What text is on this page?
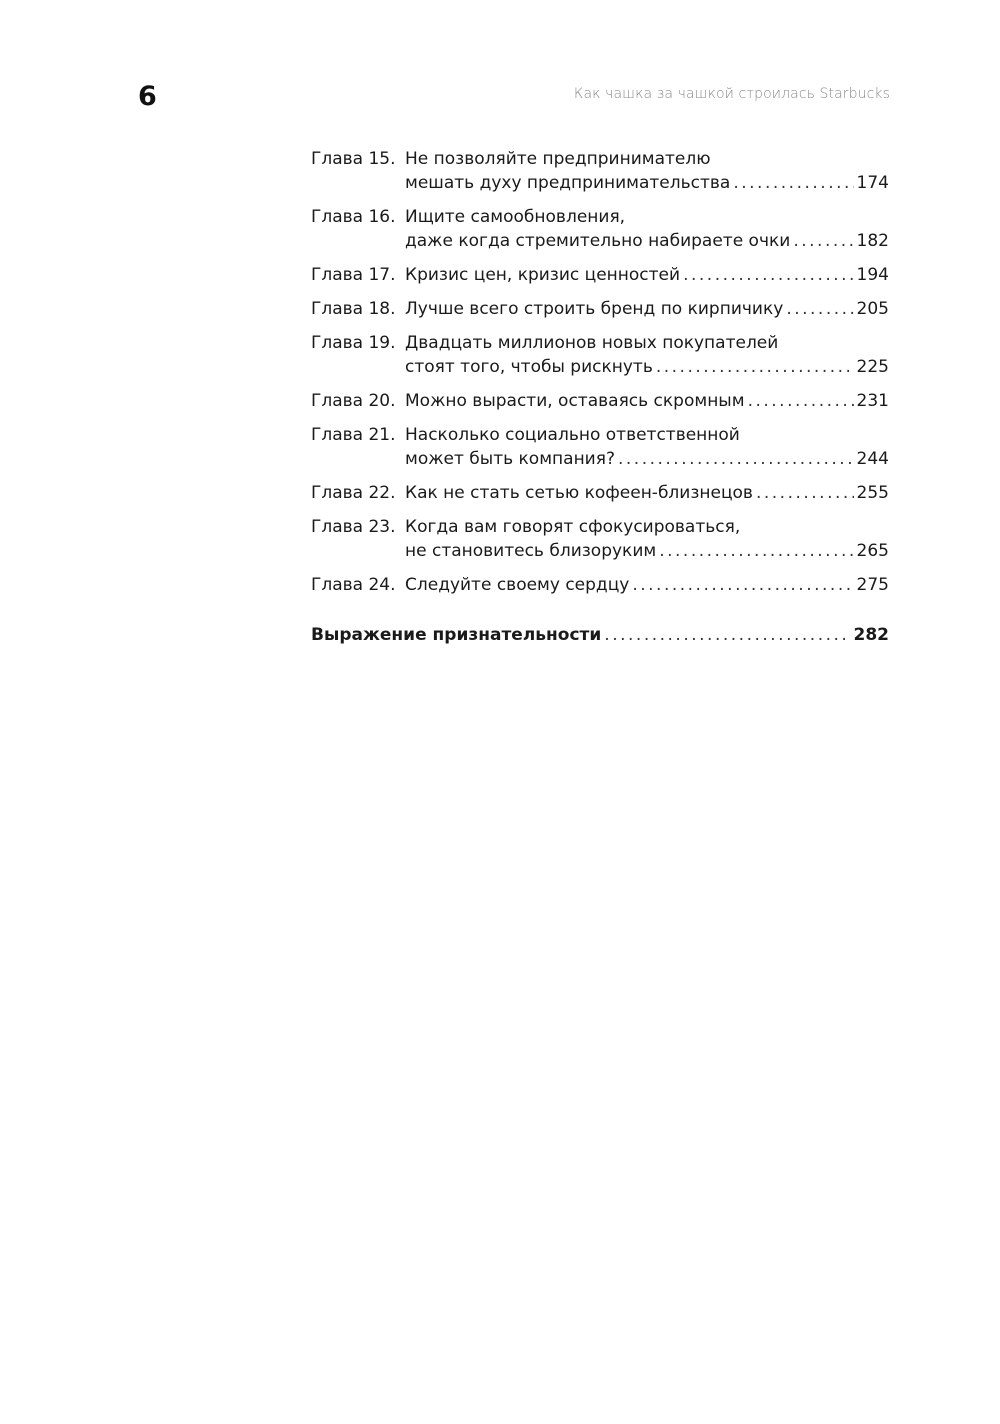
6	Как чашка за чашкой строилась Starbucks
Глава 15. Не позволяйте предпринимателю
мешать духу предпринимательства .....	174
Глава 16. Ищите самообновления,
даже когда стремительно набираете очки .....	182
Глава 17. Кризис цен, кризис ценностей .....	194
Глава 18. Лучше всего строить бренд по кирпичику .....	205
Глава 19. Двадцать миллионов новых покупателей
стоят того, чтобы рискнуть .....	225
Глава 20. Можно вырасти, оставаясь скромным .....	231
Глава 21. Насколько социально ответственной
может быть компания? .....	244
Глава 22. Как не стать сетью кофеен-близнецов .....	255
Глава 23. Когда вам говорят сфокусироваться,
не становитесь близоруким .....	265
Глава 24. Следуйте своему сердцу .....	275
Выражение признательности .....	282
